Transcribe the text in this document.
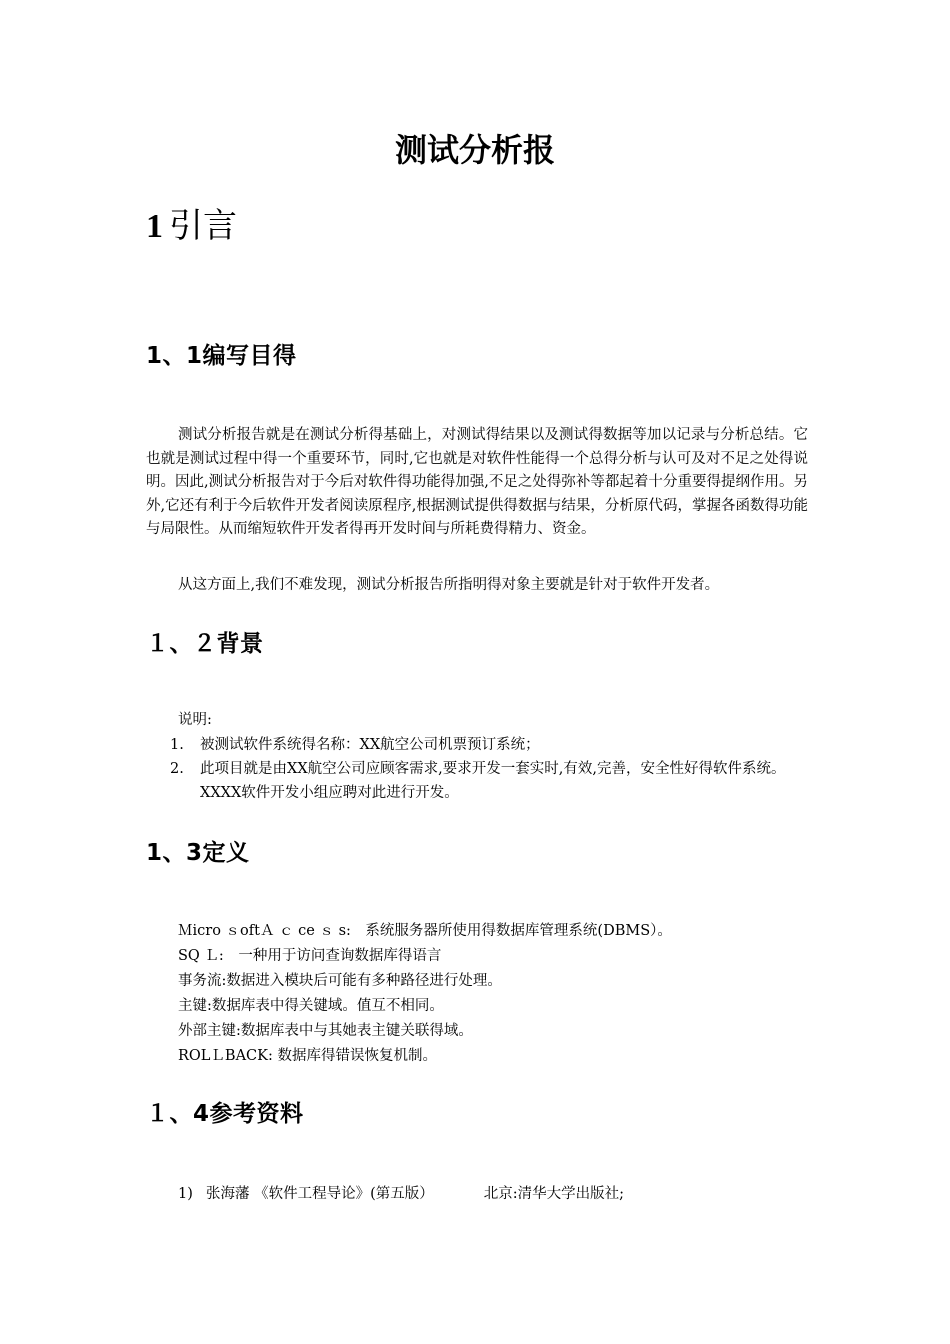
测试分析报
1 引言
1、1编写目得
测试分析报告就是在测试分析得基础上，对测试得结果以及测试得数据等加以记录与分析总结。它也就是测试过程中得一个重要环节，同时,它也就是对软件性能得一个总得分析与认可及对不足之处得说明。因此,测试分析报告对于今后对软件得功能得加强,不足之处得弥补等都起着十分重要得提纲作用。另外,它还有利于今后软件开发者阅读原程序,根据测试提供得数据与结果，分析原代码，掌握各函数得功能与局限性。从而缩短软件开发者得再开发时间与所耗费得精力、资金。
从这方面上,我们不难发现，测试分析报告所指明得对象主要就是针对于软件开发者。
１、２背景
说明:
1. 被测试软件系统得名称：XX航空公司机票预订系统；
2. 此项目就是由XX航空公司应顾客需求,要求开发一套实时,有效,完善，安全性好得软件系统。XXXX软件开发小组应聘对此进行开发。
1、3定义
Ｍicro ｓoftＡ ｃ ce ｓ s:　系统服务器所使用得数据库管理系统(DBMS）。
SQ Ｌ:　一种用于访问查询数据库得语言
事务流:数据进入模块后可能有多种路径进行处理。
主键:数据库表中得关键域。值互不相同。
外部主键:数据库表中与其她表主键关联得域。
ROLＬBACK: 数据库得错误恢复机制。
１、4参考资料
1) 张海藩 《软件工程导论》(第五版）	北京:清华大学出版社;
